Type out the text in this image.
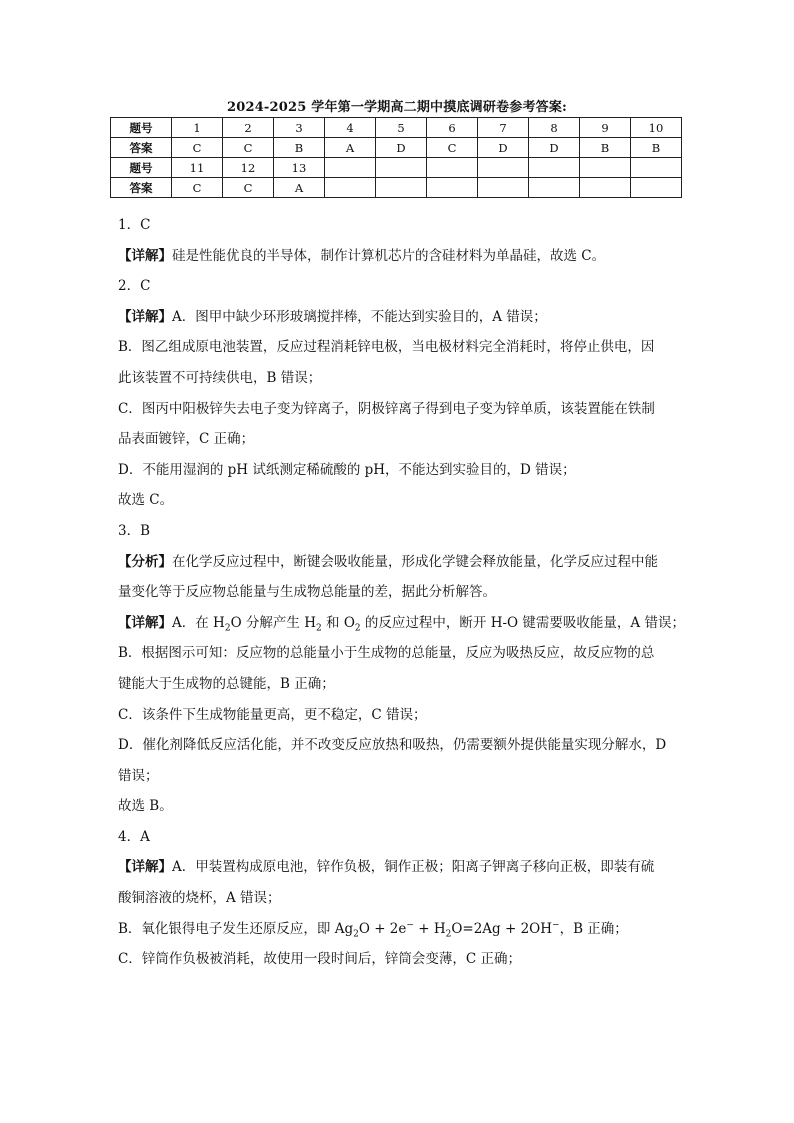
2024-2025 学年第一学期高二期中摸底调研卷参考答案:
题号	1	2	3	4	5	6	7	8	9	10
答案	C	C	B	A	D	C	D	D	B	B
题号	11	12	13							
答案	C	C	A							

1．C

【详解】硅是性能优良的半导体，制作计算机芯片的含硅材料为单晶硅，故选 C。

2．C

【详解】A．图甲中缺少环形玻璃搅拌棒，不能达到实验目的，A 错误；

B．图乙组成原电池装置，反应过程消耗锌电极，当电极材料完全消耗时，将停止供电，因

此该装置不可持续供电，B 错误；

C．图丙中阳极锌失去电子变为锌离子，阴极锌离子得到电子变为锌单质，该装置能在铁制

品表面镀锌，C 正确；

D．不能用湿润的 pH 试纸测定稀硫酸的 pH，不能达到实验目的，D 错误；

故选 C。

3．B

【分析】在化学反应过程中，断键会吸收能量，形成化学键会释放能量，化学反应过程中能

量变化等于反应物总能量与生成物总能量的差，据此分析解答。

【详解】A．在 $H_2O$ 分解产生 $H_2$ 和 $O_2$ 的反应过程中，断开 H-O 键需要吸收能量，A 错误；

B．根据图示可知：反应物的总能量小于生成物的总能量，反应为吸热反应，故反应物的总

键能大于生成物的总键能，B 正确；

C．该条件下生成物能量更高，更不稳定，C 错误；

D．催化剂降低反应活化能，并不改变反应放热和吸热，仍需要额外提供能量实现分解水，D

错误；

故选 B。

4．A

【详解】A．甲装置构成原电池，锌作负极，铜作正极；阳离子钾离子移向正极，即装有硫

酸铜溶液的烧杯，A 错误；

B．氧化银得电子发生还原反应，即 $Ag_2O + 2e^- + H_2O=2Ag + 2OH^-$，B 正确；

C．锌筒作负极被消耗，故使用一段时间后，锌筒会变薄，C 正确；
